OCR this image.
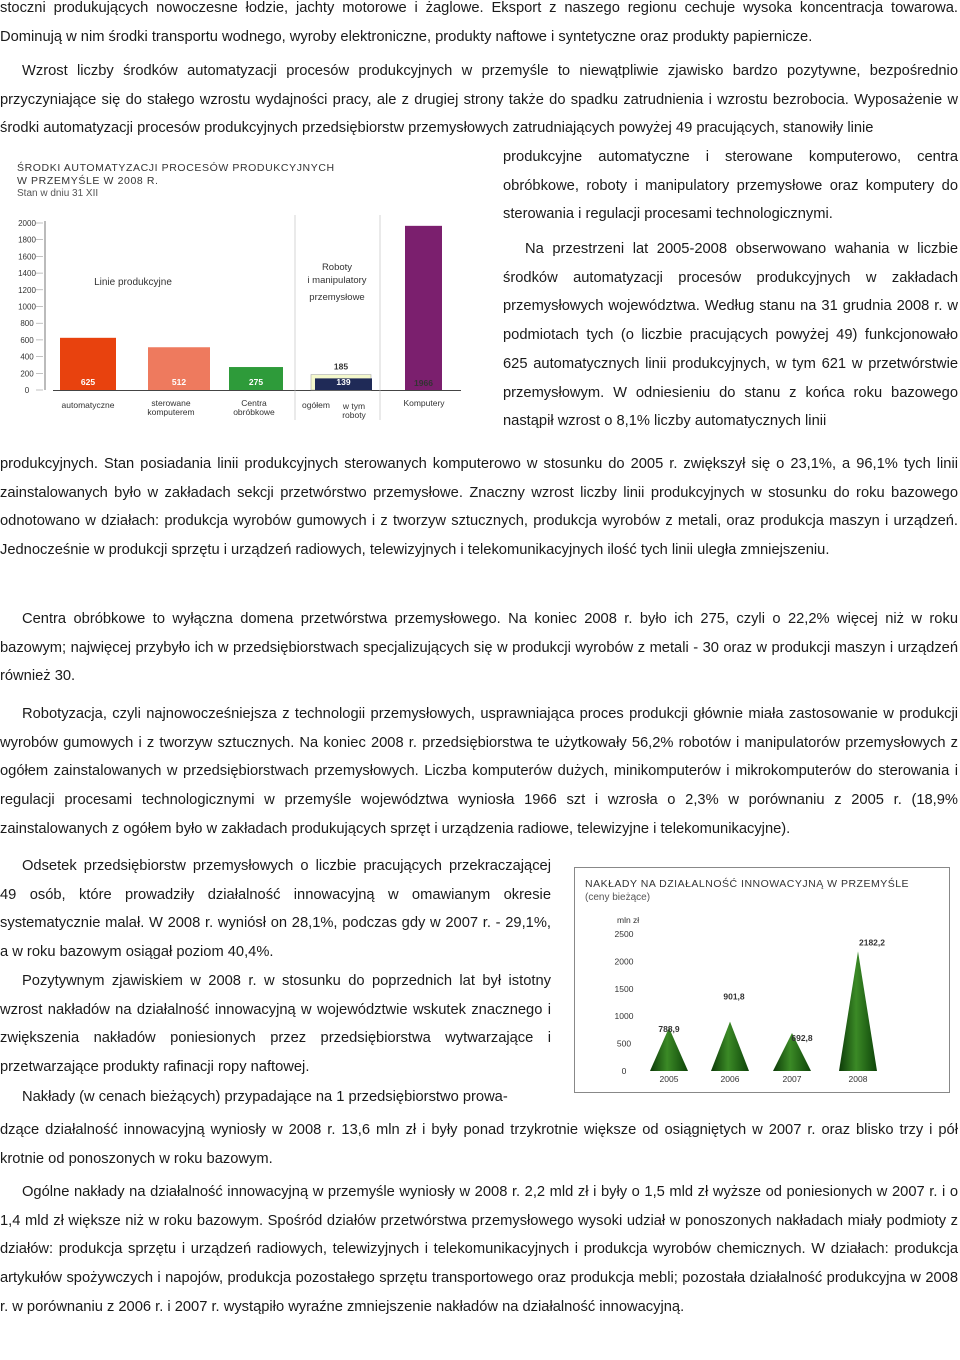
stoczni produkujących nowoczesne łodzie, jachty motorowe i żaglowe. Eksport z naszego regionu cechuje wysoka koncentracja towarowa. Dominują w nim środki transportu wodnego, wyroby elektroniczne, produkty naftowe i syntetyczne oraz produkty papiernicze.

Wzrost liczby środków automatyzacji procesów produkcyjnych w przemyśle to niewątpliwie zjawisko bardzo pozytywne, bezpośrednio przyczyniające się do stałego wzrostu wydajności pracy, ale z drugiej strony także do spadku zatrudnienia i wzrostu bezrobocia. Wyposażenie w środki automatyzacji procesów produkcyjnych przedsiębiorstw przemysłowych zatrudniających powyżej 49 pracujących, stanowiły linie

produkcyjne automatyczne i sterowane komputerowo, centra obróbkowe, roboty i manipulatory przemysłowe oraz komputery do sterowania i regulacji procesami technologicznymi.

Na przestrzeni lat 2005-2008 obserwowano wahania w liczbie środków automatyzacji procesów produkcyjnych w zakładach przemysłowych województwa. Według stanu na 31 grudnia 2008 r. w podmiotach tych (o liczbie pracujących powyżej 49) funkcjonowało 625 automatycznych linii produkcyjnych, w tym 621 w przetwórstwie przemysłowym. W odniesieniu do stanu z końca roku bazowego nastąpił wzrost o 8,1% liczby automatycznych linii

produkcyjnych. Stan posiadania linii produkcyjnych sterowanych komputerowo w stosunku do 2005 r. zwiększył się o 23,1%, a 96,1% tych linii zainstalowanych było w zakładach sekcji przetwórstwo przemysłowe. Znaczny wzrost liczby linii produkcyjnych w stosunku do roku bazowego odnotowano w działach: produkcja wyrobów gumowych i z tworzyw sztucznych, produkcja wyrobów z metali, oraz produkcja maszyn i urządzeń. Jednocześnie w produkcji sprzętu i urządzeń radiowych, telewizyjnych i telekomunikacyjnych ilość tych linii uległa zmniejszeniu.

Centra obróbkowe to wyłączna domena przetwórstwa przemysłowego. Na koniec 2008 r. było ich 275, czyli o 22,2% więcej niż w roku bazowym; najwięcej przybyło ich w przedsiębiorstwach specjalizujących się w produkcji wyrobów z metali - 30 oraz w produkcji maszyn i urządzeń również 30.

Robotyzacja, czyli najnowocześniejsza z technologii przemysłowych, usprawniająca proces produkcji głównie miała zastosowanie w produkcji wyrobów gumowych i z tworzyw sztucznych. Na koniec 2008 r. przedsiębiorstwa te użytkowały 56,2% robotów i manipulatorów przemysłowych z ogółem zainstalowanych w przedsiębiorstwach przemysłowych. Liczba komputerów dużych, minikomputerów i mikrokomputerów do sterowania i regulacji procesami technologicznymi w przemyśle województwa wyniosła 1966 szt i wzrosła o 2,3% w porównaniu z 2005 r. (18,9% zainstalowanych z ogółem było w zakładach produkujących sprzęt i urządzenia radiowe, telewizyjne i telekomunikacyjne).

Odsetek przedsiębiorstw przemysłowych o liczbie pracujących przekraczającej 49 osób, które prowadziły działalność innowacyjną w omawianym okresie systematycznie malał. W 2008 r. wyniósł on 28,1%, podczas gdy w 2007 r. - 29,1%, a w roku bazowym osiągał poziom 40,4%.

Pozytywnym zjawiskiem w 2008 r. w stosunku do poprzednich lat był istotny wzrost nakładów na działalność innowacyjną w województwie wskutek znacznego i zwiększenia nakładów poniesionych przez przedsiębiorstwa wytwarzające i przetwarzające produkty rafinacji ropy naftowej.

Nakłady (w cenach bieżących) przypadające na 1 przedsiębiorstwo prowa-

dzące działalność innowacyjną wyniosły w 2008 r. 13,6 mln zł i były ponad trzykrotnie większe od osiągniętych w 2007 r. oraz blisko trzy i pół krotnie od ponoszonych w roku bazowym.

Ogólne nakłady na działalność innowacyjną w przemyśle wyniosły w 2008 r. 2,2 mld zł i były o 1,5 mld zł wyższe od poniesionych w 2007 r. i o 1,4 mld zł większe niż w roku bazowym. Spośród działów przetwórstwa przemysłowego wysoki udział w ponoszonych nakładach miały podmioty z działów: produkcja sprzętu i urządzeń radiowych, telewizyjnych i telekomunikacyjnych i produkcja wyrobów chemicznych. W działach: produkcja artykułów spożywczych i napojów, produkcja pozostałego sprzętu transportowego oraz produkcja mebli; pozostała działalność produkcyjna w 2008 r. w porównaniu z 2006 r. i 2007 r. wystąpiło wyraźne zmniejszenie nakładów na działalność innowacyjną.

ŚRODKI AUTOMATYZACJI PROCESÓW PRODUKCYJNYCH
W PRZEMYŚLE W 2008 R.
Stan w dniu 31 XII
0
200
400
600
800
1000
1200
1400
1600
1800
2000
625	512	275
185
139	1966
Linie produkcyjne
Roboty
i manipulatory
przemysłowe
automatyczne	sterowane
komputerem
Centra
obróbkowe
ogółem w tym
roboty
Komputery
NAKŁADY NA DZIAŁALNOŚĆ INNOWACYJNĄ W PRZEMYŚLE
(ceny bieżące)
mln zł
0
500
1000
1500
2000
2500
788,9
901,8
692,8
2182,2
2005	2006	2007	2008
